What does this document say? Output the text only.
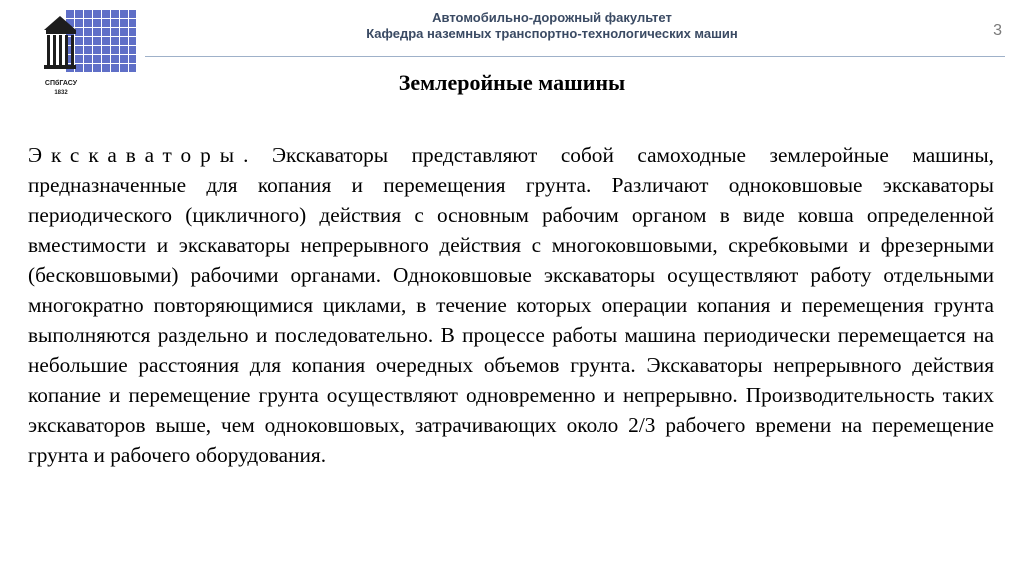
СПбГАСУ
1832
Автомобильно-дорожный факультет
Кафедра наземных транспортно-технологических машин	3
Землеройные машины

Экскаваторы. Экскаваторы представляют собой самоходные землеройные машины, предназначенные для копания и перемещения грунта. Различают одноковшовые экскаваторы периодического (цикличного) действия с основным рабочим органом в виде ковша определенной вместимости и экскаваторы непрерывного действия с многоковшовыми, скребковыми и фрезерными (бесковшовыми) рабочими органами. Одноковшовые экскаваторы осуществляют работу отдельными многократно повторяющимися циклами, в течение которых операции копания и перемещения грунта выполняются раздельно и последовательно. В процессе работы машина периодически перемещается на небольшие расстояния для копания очередных объемов грунта. Экскаваторы непрерывного действия копание и перемещение грунта осуществляют одновременно и непрерывно. Производительность таких экскаваторов выше, чем одноковшовых, затрачивающих около 2/3 рабочего времени на перемещение грунта и рабочего оборудования.
